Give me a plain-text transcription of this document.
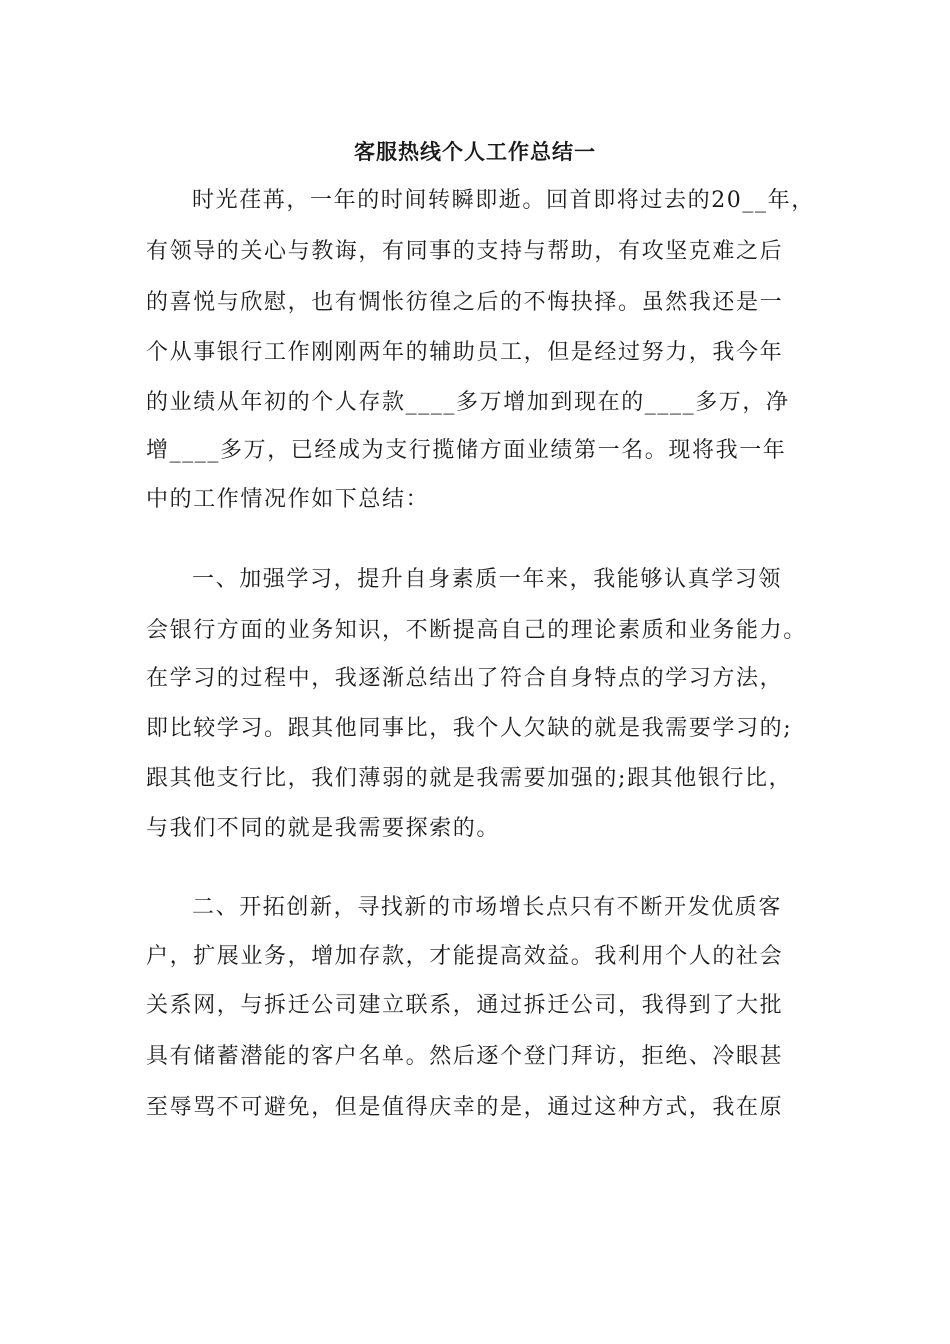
客服热线个人工作总结一
时光荏苒，一年的时间转瞬即逝。回首即将过去的20__年，
有领导的关心与教诲，有同事的支持与帮助，有攻坚克难之后
的喜悦与欣慰，也有惆怅彷徨之后的不悔抉择。虽然我还是一
个从事银行工作刚刚两年的辅助员工，但是经过努力，我今年
的业绩从年初的个人存款____多万增加到现在的____多万，净
增____多万，已经成为支行揽储方面业绩第一名。现将我一年
中的工作情况作如下总结：
一、加强学习，提升自身素质一年来，我能够认真学习领
会银行方面的业务知识，不断提高自己的理论素质和业务能力。
在学习的过程中，我逐渐总结出了符合自身特点的学习方法，
即比较学习。跟其他同事比，我个人欠缺的就是我需要学习的;
跟其他支行比，我们薄弱的就是我需要加强的;跟其他银行比，
与我们不同的就是我需要探索的。
二、开拓创新，寻找新的市场增长点只有不断开发优质客
户，扩展业务，增加存款，才能提高效益。我利用个人的社会
关系网，与拆迁公司建立联系，通过拆迁公司，我得到了大批
具有储蓄潜能的客户名单。然后逐个登门拜访，拒绝、冷眼甚
至辱骂不可避免，但是值得庆幸的是，通过这种方式，我在原
